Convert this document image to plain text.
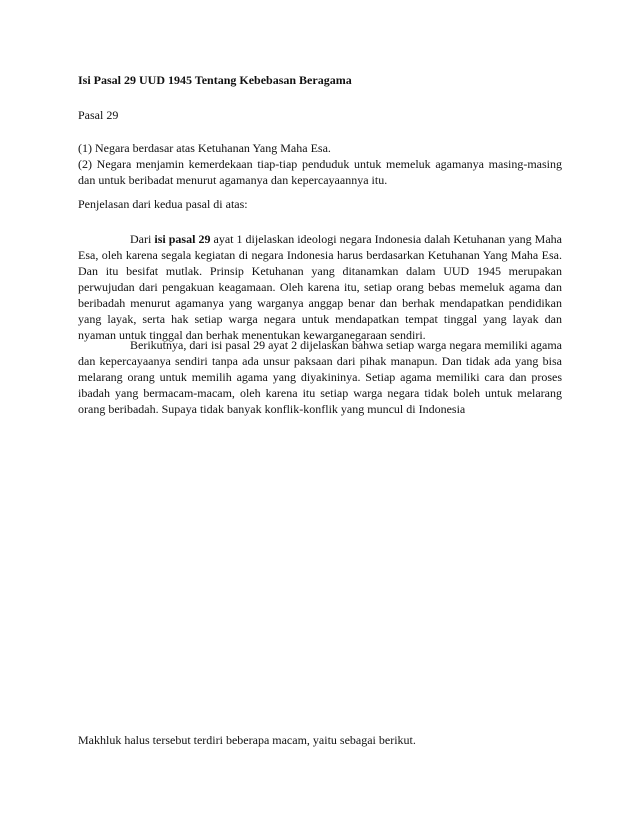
Isi Pasal 29 UUD 1945 Tentang Kebebasan Beragama
Pasal 29

(1) Negara berdasar atas Ketuhanan Yang Maha Esa.

(2) Negara menjamin kemerdekaan tiap-tiap penduduk untuk memeluk agamanya masing-masing dan untuk beribadat menurut agamanya dan kepercayaannya itu.

Penjelasan dari kedua pasal di atas:

Dari isi pasal 29 ayat 1 dijelaskan ideologi negara Indonesia dalah Ketuhanan yang Maha Esa, oleh karena segala kegiatan di negara Indonesia harus berdasarkan Ketuhanan Yang Maha Esa. Dan itu besifat mutlak. Prinsip Ketuhanan yang ditanamkan dalam UUD 1945 merupakan perwujudan dari pengakuan keagamaan. Oleh karena itu, setiap orang bebas memeluk agama dan beribadah menurut agamanya yang warganya anggap benar dan berhak mendapatkan pendidikan yang layak, serta hak setiap warga negara untuk mendapatkan tempat tinggal yang layak dan nyaman untuk tinggal dan berhak menentukan kewarganegaraan sendiri.

Berikutnya, dari isi pasal 29 ayat 2 dijelaskan bahwa setiap warga negara memiliki agama dan kepercayaanya sendiri tanpa ada unsur paksaan dari pihak manapun. Dan tidak ada yang bisa melarang orang untuk memilih agama yang diyakininya. Setiap agama memiliki cara dan proses ibadah yang bermacam-macam, oleh karena itu setiap warga negara tidak boleh untuk melarang orang beribadah. Supaya tidak banyak konflik-konflik yang muncul di Indonesia

Makhluk halus tersebut terdiri beberapa macam, yaitu sebagai berikut.
